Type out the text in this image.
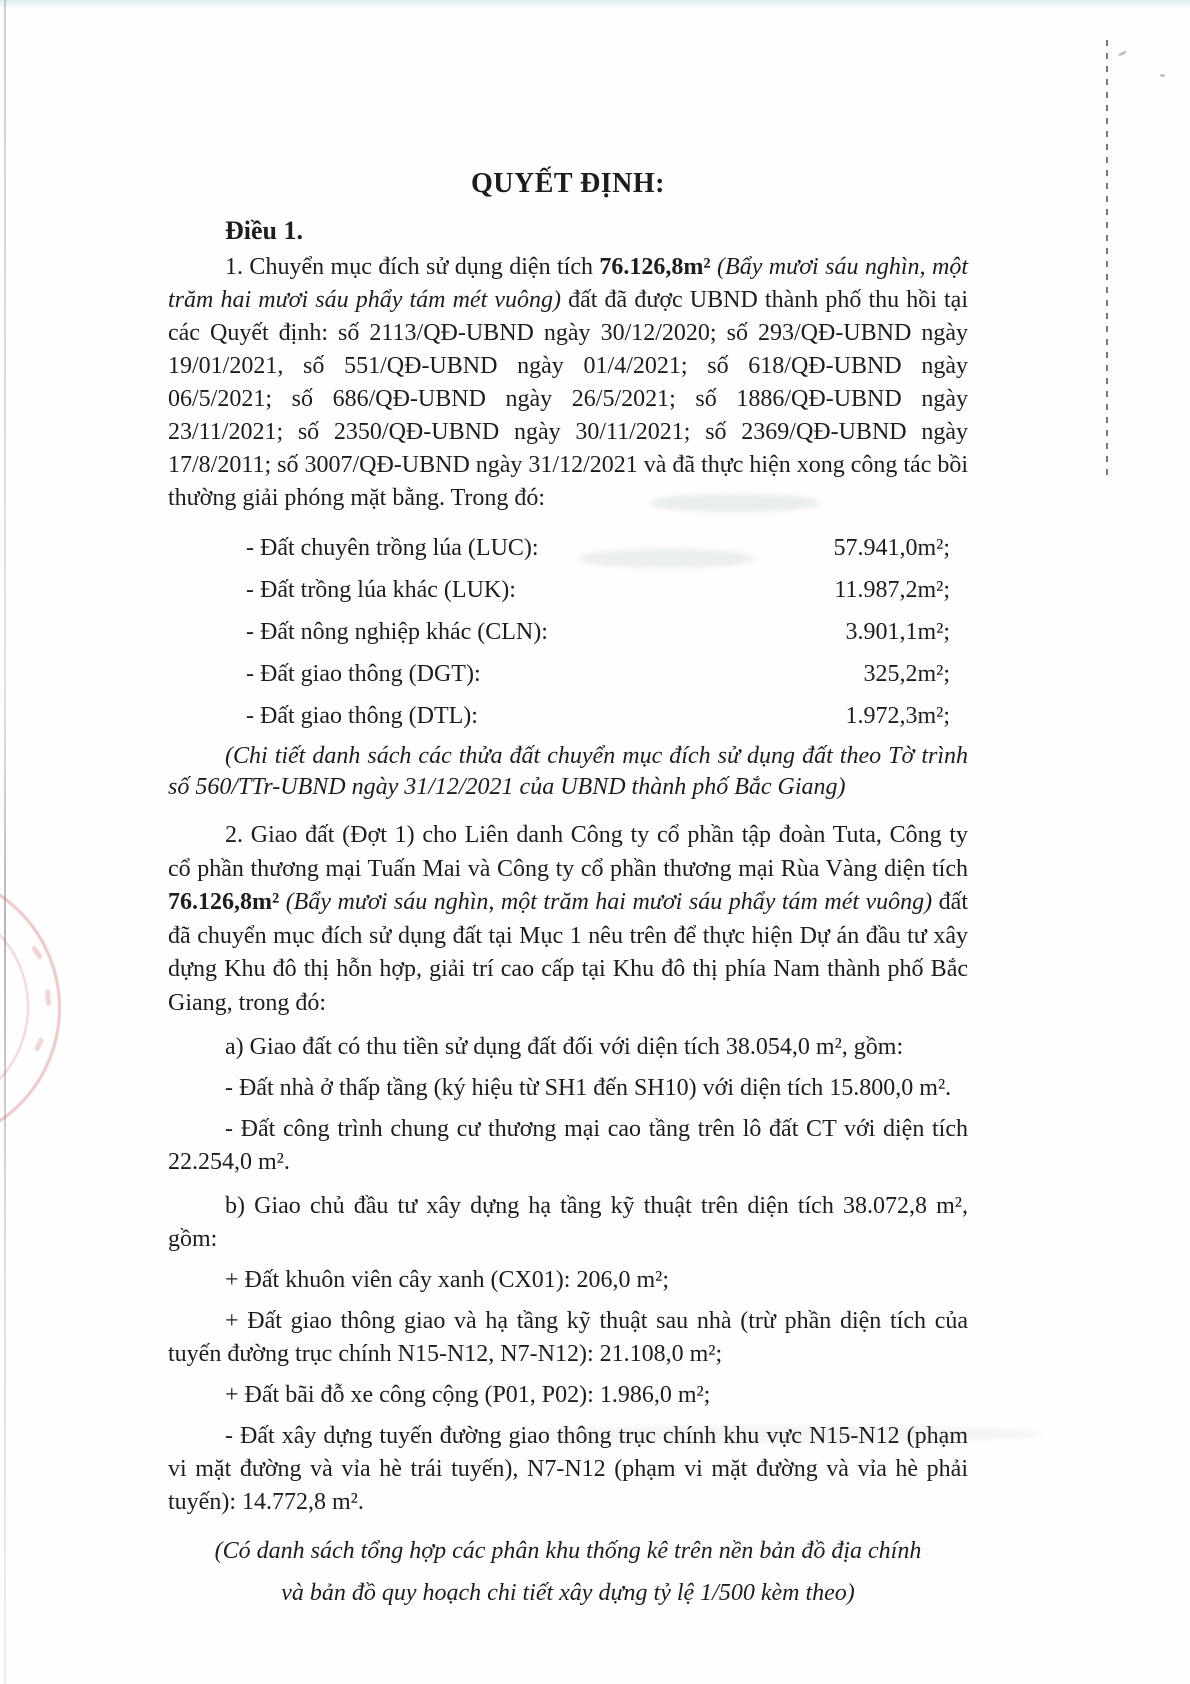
QUYẾT ĐỊNH:
Điều 1.
1. Chuyển mục đích sử dụng diện tích 76.126,8m² (Bẩy mươi sáu nghìn, một trăm hai mươi sáu phẩy tám mét vuông) đất đã được UBND thành phố thu hồi tại các Quyết định: số 2113/QĐ-UBND ngày 30/12/2020; số 293/QĐ-UBND ngày 19/01/2021, số 551/QĐ-UBND ngày 01/4/2021; số 618/QĐ-UBND ngày 06/5/2021; số 686/QĐ-UBND ngày 26/5/2021; số 1886/QĐ-UBND ngày 23/11/2021; số 2350/QĐ-UBND ngày 30/11/2021; số 2369/QĐ-UBND ngày 17/8/2011; số 3007/QĐ-UBND ngày 31/12/2021 và đã thực hiện xong công tác bồi thường giải phóng mặt bằng. Trong đó:
- Đất chuyên trồng lúa (LUC):	57.941,0m²;
- Đất trồng lúa khác (LUK):	11.987,2m²;
- Đất nông nghiệp khác (CLN):	3.901,1m²;
- Đất giao thông (DGT):	325,2m²;
- Đất giao thông (DTL):	1.972,3m²;
(Chi tiết danh sách các thửa đất chuyển mục đích sử dụng đất theo Tờ trình số 560/TTr-UBND ngày 31/12/2021 của UBND thành phố Bắc Giang)
2. Giao đất (Đợt 1) cho Liên danh Công ty cổ phần tập đoàn Tuta, Công ty cổ phần thương mại Tuấn Mai và Công ty cổ phần thương mại Rùa Vàng diện tích 76.126,8m² (Bẩy mươi sáu nghìn, một trăm hai mươi sáu phẩy tám mét vuông) đất đã chuyển mục đích sử dụng đất tại Mục 1 nêu trên để thực hiện Dự án đầu tư xây dựng Khu đô thị hỗn hợp, giải trí cao cấp tại Khu đô thị phía Nam thành phố Bắc Giang, trong đó:
a) Giao đất có thu tiền sử dụng đất đối với diện tích 38.054,0 m², gồm:
- Đất nhà ở thấp tầng (ký hiệu từ SH1 đến SH10) với diện tích 15.800,0 m².
- Đất công trình chung cư thương mại cao tầng trên lô đất CT với diện tích 22.254,0 m².
b) Giao chủ đầu tư xây dựng hạ tầng kỹ thuật trên diện tích 38.072,8 m², gồm:
+ Đất khuôn viên cây xanh (CX01): 206,0 m²;
+ Đất giao thông giao và hạ tầng kỹ thuật sau nhà (trừ phần diện tích của tuyến đường trục chính N15-N12, N7-N12): 21.108,0 m²;
+ Đất bãi đỗ xe công cộng (P01, P02): 1.986,0 m²;
- Đất xây dựng tuyến đường giao thông trục chính khu vực N15-N12 (phạm vi mặt đường và vỉa hè trái tuyến), N7-N12 (phạm vi mặt đường và vỉa hè phải tuyến): 14.772,8 m².
(Có danh sách tổng hợp các phân khu thống kê trên nền bản đồ địa chính
và bản đồ quy hoạch chi tiết xây dựng tỷ lệ 1/500 kèm theo)
